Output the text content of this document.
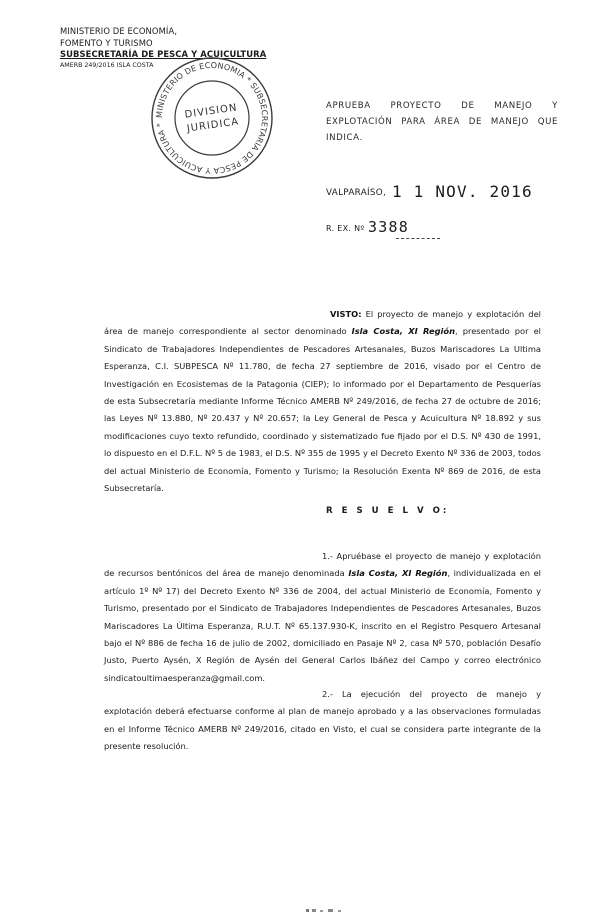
MINISTERIO DE ECONOMÍA,
FOMENTO Y TURISMO
SUBSECRETARÍA DE PESCA Y ACUICULTURA
AMERB 249/2016 ISLA COSTA
MINISTERIO DE ECONOMIA * SUBSECRETARIA DE PESCA Y ACUICULTURA *
DIVISION
JURIDICA
APRUEBA PROYECTO DE MANEJO Y EXPLOTACIÓN PARA ÁREA DE MANEJO QUE INDICA.
VALPARAÍSO, 1 1 NOV. 2016
R. EX. Nº 3388
VISTO: El proyecto de manejo y explotación del área de manejo correspondiente al sector denominado Isla Costa, XI Región, presentado por el Sindicato de Trabajadores Independientes de Pescadores Artesanales, Buzos Mariscadores La Ultima Esperanza, C.I. SUBPESCA Nº 11.780, de fecha 27 septiembre de 2016, visado por el Centro de Investigación en Ecosistemas de la Patagonia (CIEP); lo informado por el Departamento de Pesquerías de esta Subsecretaría mediante Informe Técnico AMERB Nº 249/2016, de fecha 27 de octubre de 2016; las Leyes Nº 13.880, Nº 20.437 y Nº 20.657; la Ley General de Pesca y Acuicultura Nº 18.892 y sus modificaciones cuyo texto refundido, coordinado y sistematizado fue fijado por el D.S. Nº 430 de 1991, lo dispuesto en el D.F.L. Nº 5 de 1983, el D.S. Nº 355 de 1995 y el Decreto Exento Nº 336 de 2003, todos del actual Ministerio de Economía, Fomento y Turismo; la Resolución Exenta Nº 869 de 2016, de esta Subsecretaría.
R E S U E L V O:
1.- Apruébase el proyecto de manejo y explotación de recursos bentónicos del área de manejo denominada Isla Costa, XI Región, individualizada en el artículo 1º Nº 17) del Decreto Exento Nº 336 de 2004, del actual Ministerio de Economía, Fomento y Turismo, presentado por el Sindicato de Trabajadores Independientes de Pescadores Artesanales, Buzos Mariscadores La Última Esperanza, R.U.T. Nº 65.137.930-K, inscrito en el Registro Pesquero Artesanal bajo el Nº 886 de fecha 16 de julio de 2002, domiciliado en Pasaje Nº 2, casa Nº 570, población Desafío Justo, Puerto Aysén, X Región de Aysén del General Carlos Ibáñez del Campo y correo electrónico sindicatoultimaesperanza@gmail.com.
2.- La ejecución del proyecto de manejo y explotación deberá efectuarse conforme al plan de manejo aprobado y a las observaciones formuladas en el Informe Técnico AMERB Nº 249/2016, citado en Visto, el cual se considera parte integrante de la presente resolución.
